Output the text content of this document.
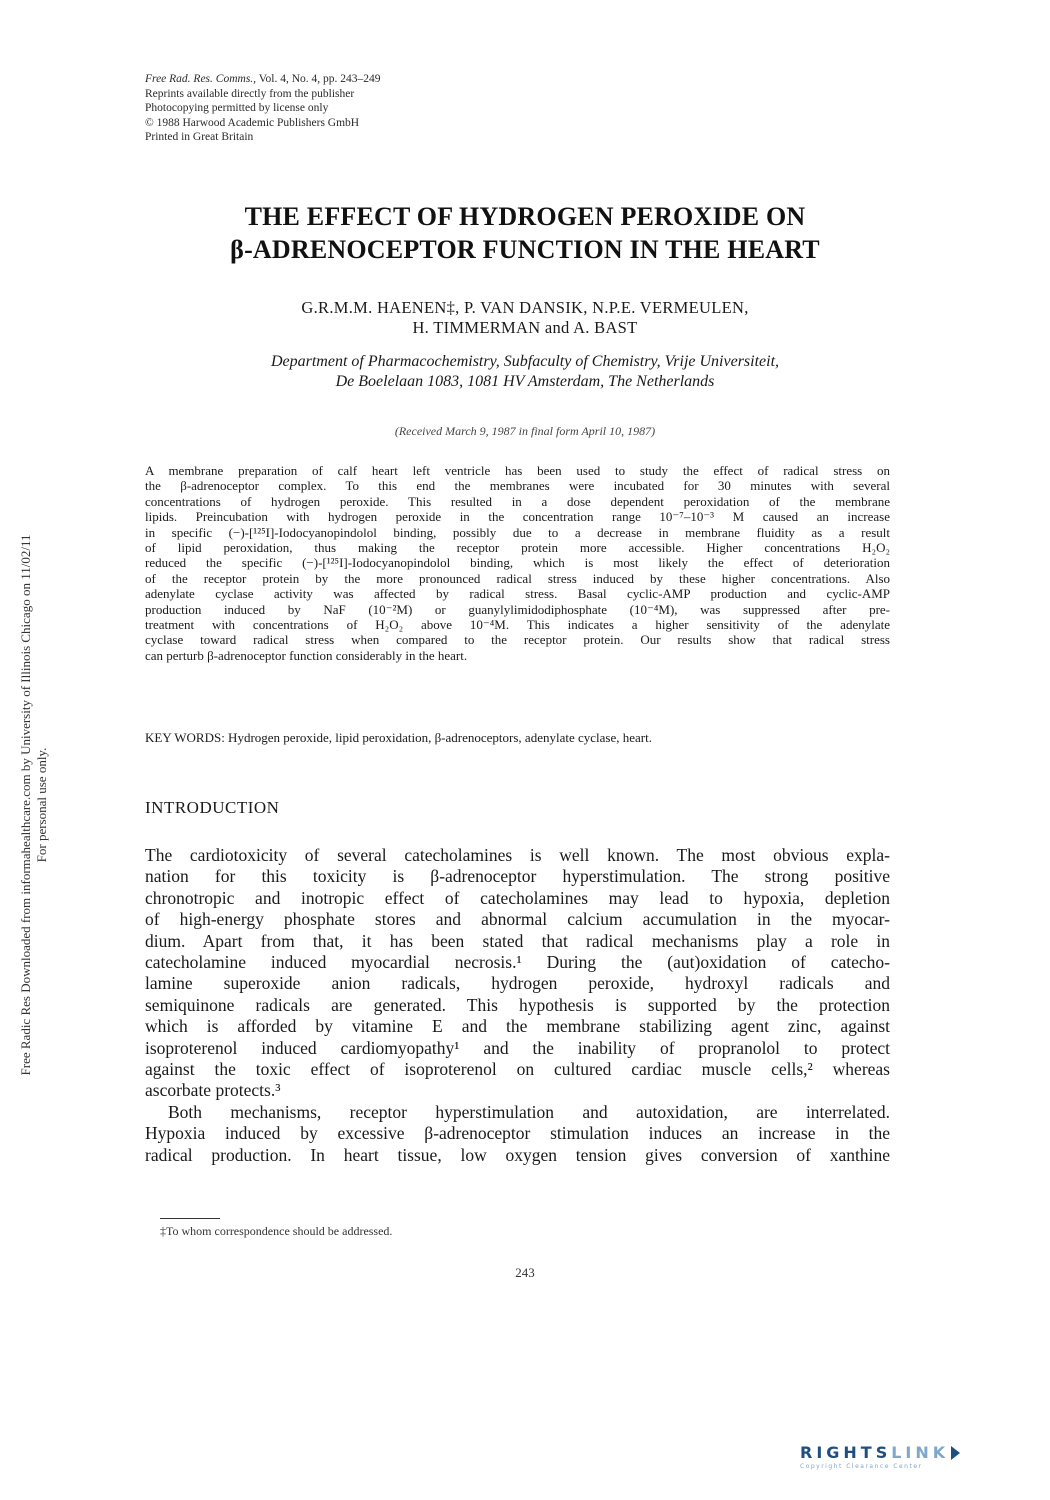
Free Rad. Res. Comms., Vol. 4, No. 4, pp. 243–249
Reprints available directly from the publisher
Photocopying permitted by license only
© 1988 Harwood Academic Publishers GmbH
Printed in Great Britain
THE EFFECT OF HYDROGEN PEROXIDE ON
β-ADRENOCEPTOR FUNCTION IN THE HEART
G.R.M.M. HAENEN‡, P. VAN DANSIK, N.P.E. VERMEULEN,
H. TIMMERMAN and A. BAST
Department of Pharmacochemistry, Subfaculty of Chemistry, Vrije Universiteit,
De Boelelaan 1083, 1081 HV Amsterdam, The Netherlands
(Received March 9, 1987 in final form April 10, 1987)
A membrane preparation of calf heart left ventricle has been used to study the effect of radical stress on
the β-adrenoceptor complex. To this end the membranes were incubated for 30 minutes with several
concentrations of hydrogen peroxide. This resulted in a dose dependent peroxidation of the membrane
lipids. Preincubation with hydrogen peroxide in the concentration range 10⁻⁷–10⁻³ M caused an increase
in specific (−)-[¹²⁵I]-Iodocyanopindolol binding, possibly due to a decrease in membrane fluidity as a result
of lipid peroxidation, thus making the receptor protein more accessible. Higher concentrations H₂O₂
reduced the specific (−)-[¹²⁵I]-Iodocyanopindolol binding, which is most likely the effect of deterioration
of the receptor protein by the more pronounced radical stress induced by these higher concentrations. Also
adenylate cyclase activity was affected by radical stress. Basal cyclic-AMP production and cyclic-AMP
production induced by NaF (10⁻²M) or guanylylimidodiphosphate (10⁻⁴M), was suppressed after pre-
treatment with concentrations of H₂O₂ above 10⁻⁴M. This indicates a higher sensitivity of the adenylate
cyclase toward radical stress when compared to the receptor protein. Our results show that radical stress
can perturb β-adrenoceptor function considerably in the heart.
KEY WORDS: Hydrogen peroxide, lipid peroxidation, β-adrenoceptors, adenylate cyclase, heart.
INTRODUCTION
The cardiotoxicity of several catecholamines is well known. The most obvious expla-
nation for this toxicity is β-adrenoceptor hyperstimulation. The strong positive
chronotropic and inotropic effect of catecholamines may lead to hypoxia, depletion
of high-energy phosphate stores and abnormal calcium accumulation in the myocar-
dium. Apart from that, it has been stated that radical mechanisms play a role in
catecholamine induced myocardial necrosis.¹ During the (aut)oxidation of catecho-
lamine superoxide anion radicals, hydrogen peroxide, hydroxyl radicals and
semiquinone radicals are generated. This hypothesis is supported by the protection
which is afforded by vitamine E and the membrane stabilizing agent zinc, against
isoproterenol induced cardiomyopathy¹ and the inability of propranolol to protect
against the toxic effect of isoproterenol on cultured cardiac muscle cells,² whereas
ascorbate protects.³
Both mechanisms, receptor hyperstimulation and autoxidation, are interrelated.
Hypoxia induced by excessive β-adrenoceptor stimulation induces an increase in the
radical production. In heart tissue, low oxygen tension gives conversion of xanthine
‡To whom correspondence should be addressed.
243
Free Radic Res Downloaded from informahealthcare.com by University of Illinois Chicago on 11/02/11 For personal use only.
RIGHTSLINK
Copyright Clearance Center
